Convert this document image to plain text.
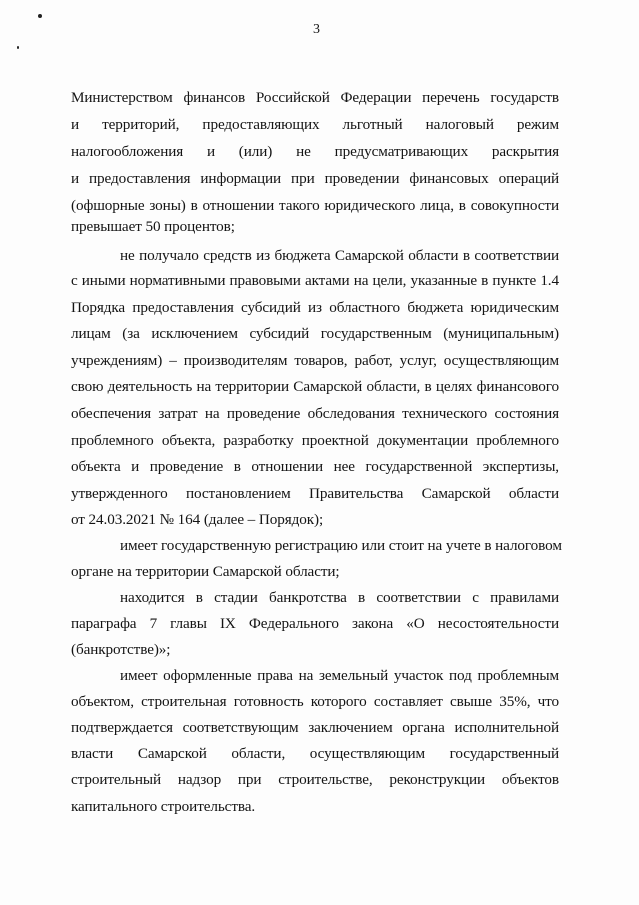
3
Министерством финансов Российской Федерации перечень государств
и территорий, предоставляющих льготный налоговый режим
налогообложения и (или) не предусматривающих раскрытия
и предоставления информации при проведении финансовых операций
(офшорные зоны) в отношении такого юридического лица, в совокупности
превышает 50 процентов;
не получало средств из бюджета Самарской области в соответствии
с иными нормативными правовыми актами на цели, указанные в пункте 1.4
Порядка предоставления субсидий из областного бюджета юридическим
лицам (за исключением субсидий государственным (муниципальным)
учреждениям) – производителям товаров, работ, услуг, осуществляющим
свою деятельность на территории Самарской области, в целях финансового
обеспечения затрат на проведение обследования технического состояния
проблемного объекта, разработку проектной документации проблемного
объекта и проведение в отношении нее государственной экспертизы,
утвержденного постановлением Правительства Самарской области
от 24.03.2021 № 164 (далее – Порядок);
имеет государственную регистрацию или стоит на учете в налоговом
органе на территории Самарской области;
находится в стадии банкротства в соответствии с правилами
параграфа 7 главы IX Федерального закона «О несостоятельности
(банкротстве)»;
имеет оформленные права на земельный участок под проблемным
объектом, строительная готовность которого составляет свыше 35%, что
подтверждается соответствующим заключением органа исполнительной
власти Самарской области, осуществляющим государственный
строительный надзор при строительстве, реконструкции объектов
капитального строительства.
